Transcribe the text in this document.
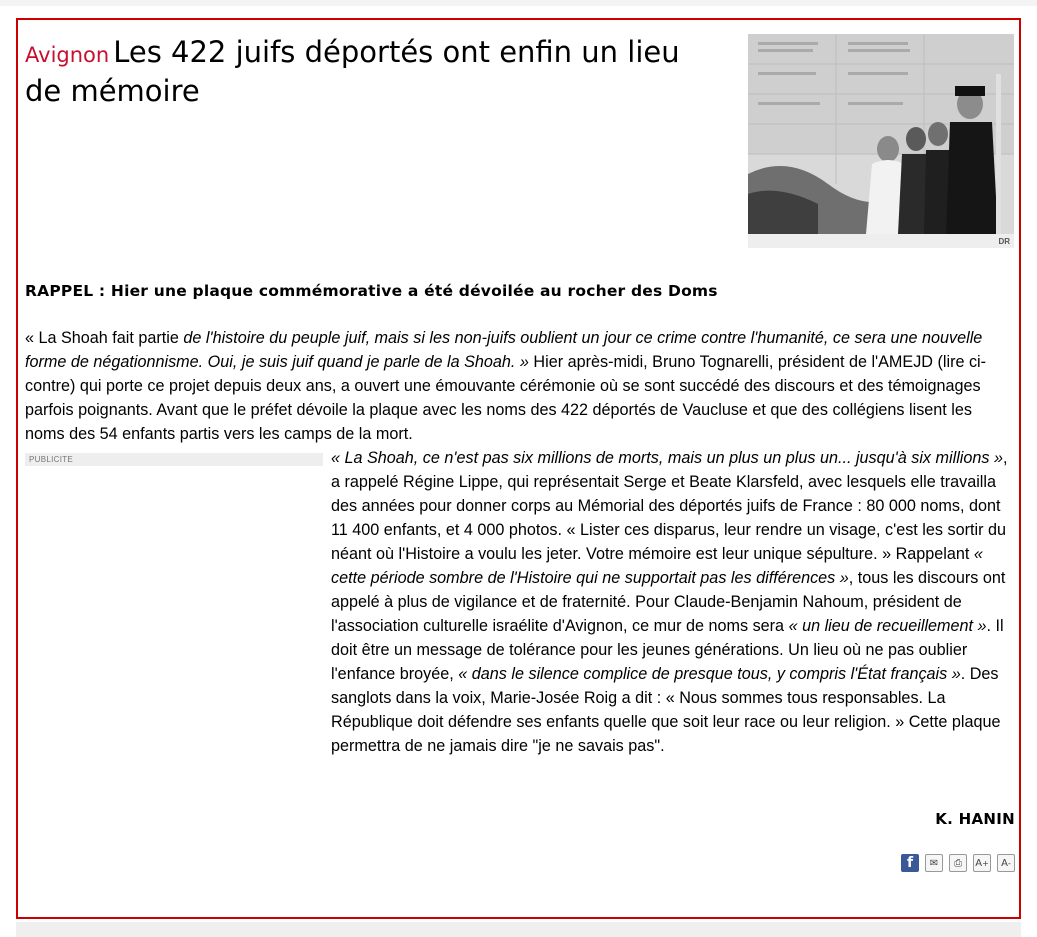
Avignon Les 422 juifs déportés ont enfin un lieu de mémoire
DR
RAPPEL : Hier une plaque commémorative a été dévoilée au rocher des Doms

« La Shoah fait partie de l'histoire du peuple juif, mais si les non-juifs oublient un jour ce crime contre l'humanité, ce sera une nouvelle forme de négationnisme. Oui, je suis juif quand je parle de la Shoah. » Hier après-midi, Bruno Tognarelli, président de l'AMEJD (lire ci-contre) qui porte ce projet depuis deux ans, a ouvert une émouvante cérémonie où se sont succédé des discours et des témoignages parfois poignants. Avant que le préfet dévoile la plaque avec les noms des 422 déportés de Vaucluse et que des collégiens lisent les noms des 54 enfants partis vers les camps de la mort.

PUBLICITE	« La Shoah, ce n'est pas six millions de morts, mais un plus un plus un... jusqu'à six millions », a rappelé Régine Lippe, qui représentait Serge et Beate Klarsfeld, avec lesquels elle travailla des années pour donner corps au Mémorial des déportés juifs de France : 80 000 noms, dont 11 400 enfants, et 4 000 photos. « Lister ces disparus, leur rendre un visage, c'est les sortir du néant où l'Histoire a voulu les jeter. Votre mémoire est leur unique sépulture. » Rappelant « cette période sombre de l'Histoire qui ne supportait pas les différences », tous les discours ont appelé à plus de vigilance et de fraternité. Pour Claude-Benjamin Nahoum, président de l'association culturelle israélite d'Avignon, ce mur de noms sera « un lieu de recueillement ». Il doit être un message de tolérance pour les jeunes générations. Un lieu où ne pas oublier l'enfance broyée, « dans le silence complice de presque tous, y compris l'État français ». Des sanglots dans la voix, Marie-Josée Roig a dit : « Nous sommes tous responsables. La République doit défendre ses enfants quelle que soit leur race ou leur religion. » Cette plaque permettra de ne jamais dire "je ne savais pas".

K. HANIN
f	✉	⎙	A + A -
